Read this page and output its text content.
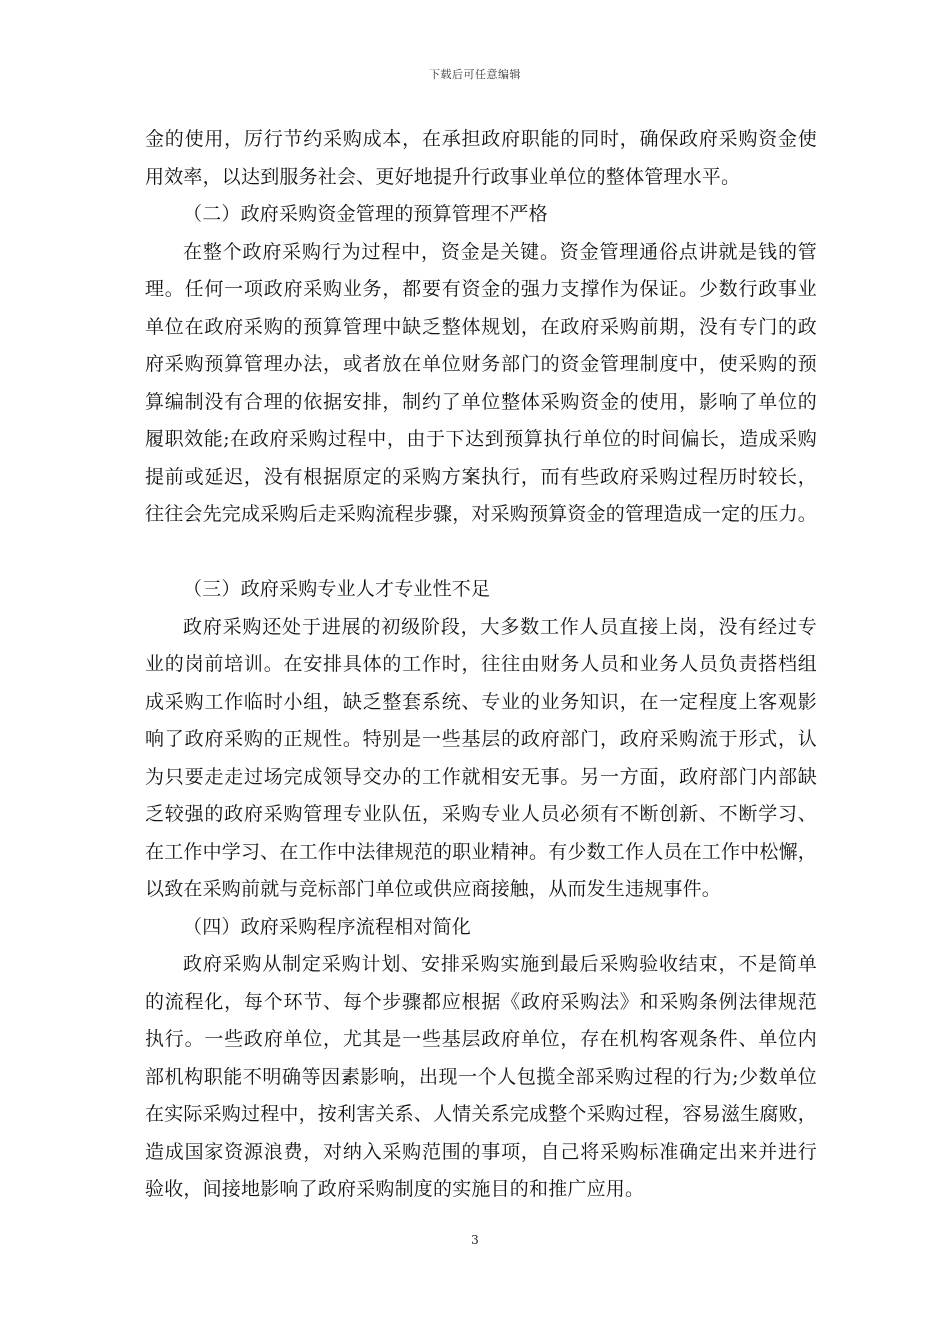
下载后可任意编辑
金的使用，厉行节约采购成本，在承担政府职能的同时，确保政府采购资金使
用效率，以达到服务社会、更好地提升行政事业单位的整体管理水平。
（二）政府采购资金管理的预算管理不严格
在整个政府采购行为过程中，资金是关键。资金管理通俗点讲就是钱的管
理。任何一项政府采购业务，都要有资金的强力支撑作为保证。少数行政事业
单位在政府采购的预算管理中缺乏整体规划，在政府采购前期，没有专门的政
府采购预算管理办法，或者放在单位财务部门的资金管理制度中，使采购的预
算编制没有合理的依据安排，制约了单位整体采购资金的使用，影响了单位的
履职效能;在政府采购过程中，由于下达到预算执行单位的时间偏长，造成采购
提前或延迟，没有根据原定的采购方案执行，而有些政府采购过程历时较长，
往往会先完成采购后走采购流程步骤，对采购预算资金的管理造成一定的压力。
（三）政府采购专业人才专业性不足
政府采购还处于进展的初级阶段，大多数工作人员直接上岗，没有经过专
业的岗前培训。在安排具体的工作时，往往由财务人员和业务人员负责搭档组
成采购工作临时小组，缺乏整套系统、专业的业务知识，在一定程度上客观影
响了政府采购的正规性。特别是一些基层的政府部门，政府采购流于形式，认
为只要走走过场完成领导交办的工作就相安无事。另一方面，政府部门内部缺
乏较强的政府采购管理专业队伍，采购专业人员必须有不断创新、不断学习、
在工作中学习、在工作中法律规范的职业精神。有少数工作人员在工作中松懈，
以致在采购前就与竞标部门单位或供应商接触，从而发生违规事件。
（四）政府采购程序流程相对简化
政府采购从制定采购计划、安排采购实施到最后采购验收结束，不是简单
的流程化，每个环节、每个步骤都应根据《政府采购法》和采购条例法律规范
执行。一些政府单位，尤其是一些基层政府单位，存在机构客观条件、单位内
部机构职能不明确等因素影响，出现一个人包揽全部采购过程的行为;少数单位
在实际采购过程中，按利害关系、人情关系完成整个采购过程，容易滋生腐败，
造成国家资源浪费，对纳入采购范围的事项，自己将采购标准确定出来并进行
验收，间接地影响了政府采购制度的实施目的和推广应用。
3
